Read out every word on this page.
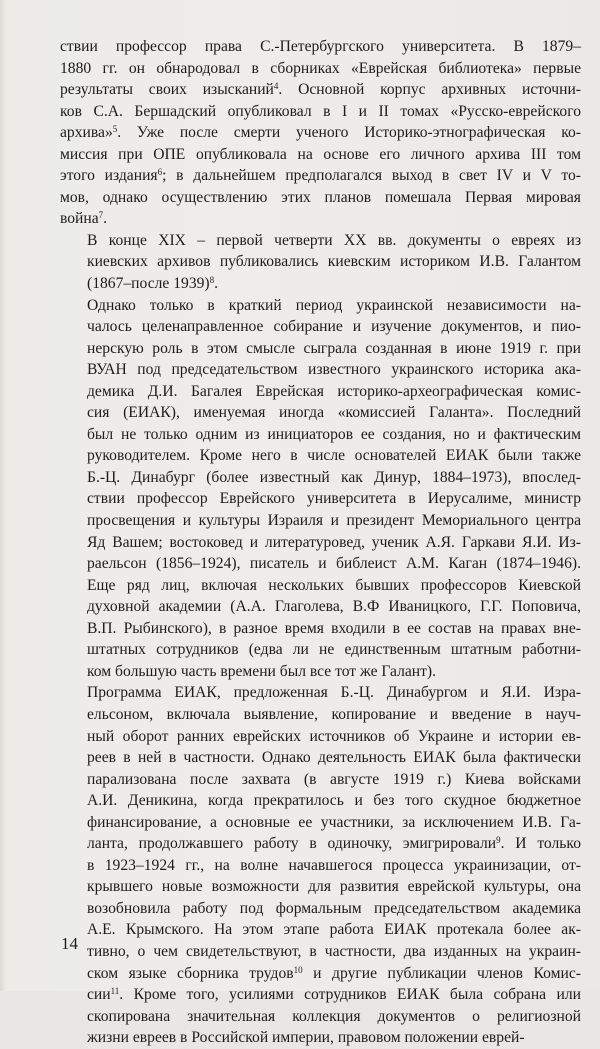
ствии профессор права С.-Петербургского университета. В 1879–
1880 гг. он обнародовал в сборниках «Еврейская библиотека» первые
результаты своих изысканий$^4$. Основной корпус архивных источни-
ков С.А. Бершадский опубликовал в I и II томах «Русско-еврейского
архива»$^5$. Уже после смерти ученого Историко-этнографическая ко-
миссия при ОПЕ опубликовала на основе его личного архива III том
этого издания$^6$; в дальнейшем предполагался выход в свет IV и V то-
мов, однако осуществлению этих планов помешала Первая мировая
война$^7$.

В конце XIX – первой четверти XX вв. документы о евреях из
киевских архивов публиковались киевским историком И.В. Галантом
(1867–после 1939)$^8$.

Однако только в краткий период украинской независимости на-
чалось целенаправленное собирание и изучение документов, и пио-
нерскую роль в этом смысле сыграла созданная в июне 1919 г. при
ВУАН под председательством известного украинского историка ака-
демика Д.И. Багалея Еврейская историко-археографическая комис-
сия (ЕИАК), именуемая иногда «комиссией Галанта». Последний
был не только одним из инициаторов ее создания, но и фактическим
руководителем. Кроме него в числе основателей ЕИАК были также
Б.-Ц. Динабург (более известный как Динур, 1884–1973), впослед-
ствии профессор Еврейского университета в Иерусалиме, министр
просвещения и культуры Израиля и президент Мемориального центра
Яд Вашем; востоковед и литературовед, ученик А.Я. Гаркави Я.И. Из-
раельсон (1856–1924), писатель и библеист А.М. Каган (1874–1946).
Еще ряд лиц, включая нескольких бывших профессоров Киевской
духовной академии (А.А. Глаголева, В.Ф Иваницкого, Г.Г. Поповича,
В.П. Рыбинского), в разное время входили в ее состав на правах вне-
штатных сотрудников (едва ли не единственным штатным работни-
ком большую часть времени был все тот же Галант).

Программа ЕИАК, предложенная Б.-Ц. Динабургом и Я.И. Изра-
ельсоном, включала выявление, копирование и введение в науч-
ный оборот ранних еврейских источников об Украине и истории ев-
реев в ней в частности. Однако деятельность ЕИАК была фактически
парализована после захвата (в августе 1919 г.) Киева войсками
А.И. Деникина, когда прекратилось и без того скудное бюджетное
финансирование, а основные ее участники, за исключением И.В. Га-
ланта, продолжавшего работу в одиночку, эмигрировали$^9$. И только
в 1923–1924 гг., на волне начавшегося процесса украинизации, от-
крывшего новые возможности для развития еврейской культуры, она
возобновила работу под формальным председательством академика
А.Е. Крымского. На этом этапе работа ЕИАК протекала более ак-
тивно, о чем свидетельствуют, в частности, два изданных на украин-
ском языке сборника трудов$^{10}$ и другие публикации членов Комис-
сии$^{11}$. Кроме того, усилиями сотрудников ЕИАК была собрана или
скопирована значительная коллекция документов о религиозной
жизни евреев в Российской империи, правовом положении еврей-

14
